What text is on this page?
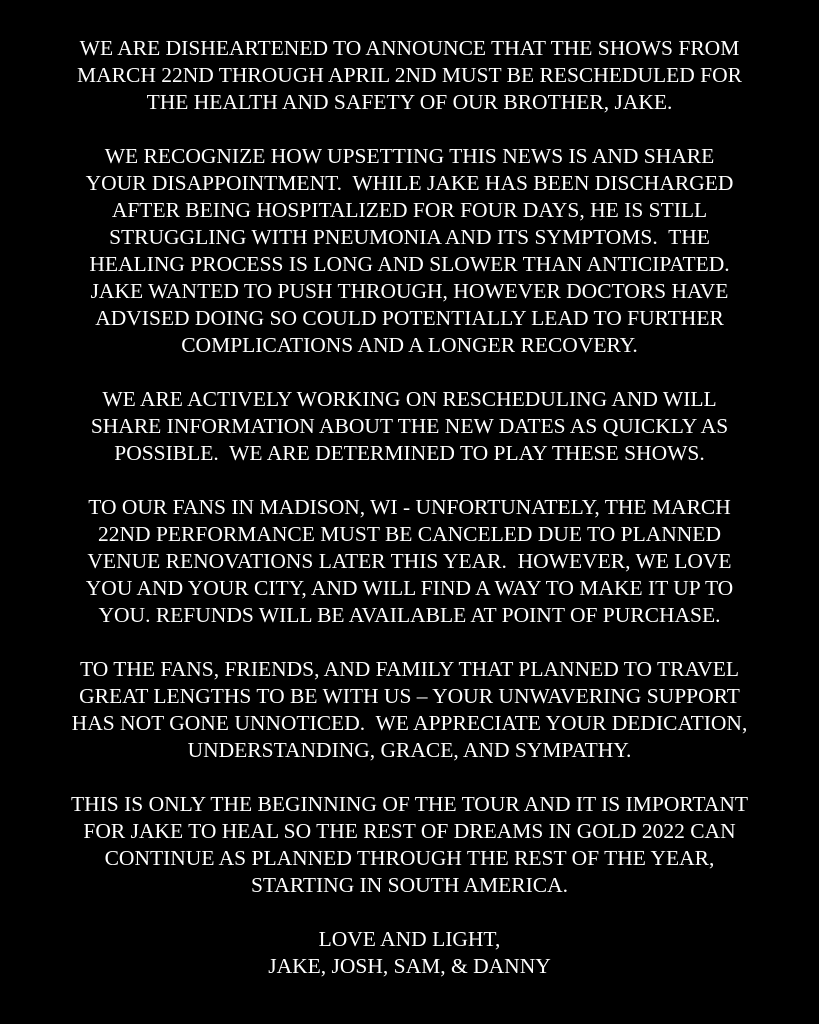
WE ARE DISHEARTENED TO ANNOUNCE THAT THE SHOWS FROM
MARCH 22ND THROUGH APRIL 2ND MUST BE RESCHEDULED FOR
THE HEALTH AND SAFETY OF OUR BROTHER, JAKE.
WE RECOGNIZE HOW UPSETTING THIS NEWS IS AND SHARE
YOUR DISAPPOINTMENT.  WHILE JAKE HAS BEEN DISCHARGED
AFTER BEING HOSPITALIZED FOR FOUR DAYS, HE IS STILL
STRUGGLING WITH PNEUMONIA AND ITS SYMPTOMS.  THE
HEALING PROCESS IS LONG AND SLOWER THAN ANTICIPATED.
JAKE WANTED TO PUSH THROUGH, HOWEVER DOCTORS HAVE
ADVISED DOING SO COULD POTENTIALLY LEAD TO FURTHER
COMPLICATIONS AND A LONGER RECOVERY.
WE ARE ACTIVELY WORKING ON RESCHEDULING AND WILL
SHARE INFORMATION ABOUT THE NEW DATES AS QUICKLY AS
POSSIBLE.  WE ARE DETERMINED TO PLAY THESE SHOWS.
TO OUR FANS IN MADISON, WI - UNFORTUNATELY, THE MARCH
22ND PERFORMANCE MUST BE CANCELED DUE TO PLANNED
VENUE RENOVATIONS LATER THIS YEAR.  HOWEVER, WE LOVE
YOU AND YOUR CITY, AND WILL FIND A WAY TO MAKE IT UP TO
YOU. REFUNDS WILL BE AVAILABLE AT POINT OF PURCHASE.
TO THE FANS, FRIENDS, AND FAMILY THAT PLANNED TO TRAVEL
GREAT LENGTHS TO BE WITH US – YOUR UNWAVERING SUPPORT
HAS NOT GONE UNNOTICED.  WE APPRECIATE YOUR DEDICATION,
UNDERSTANDING, GRACE, AND SYMPATHY.
THIS IS ONLY THE BEGINNING OF THE TOUR AND IT IS IMPORTANT
FOR JAKE TO HEAL SO THE REST OF DREAMS IN GOLD 2022 CAN
CONTINUE AS PLANNED THROUGH THE REST OF THE YEAR,
STARTING IN SOUTH AMERICA.
LOVE AND LIGHT,
JAKE, JOSH, SAM, & DANNY
